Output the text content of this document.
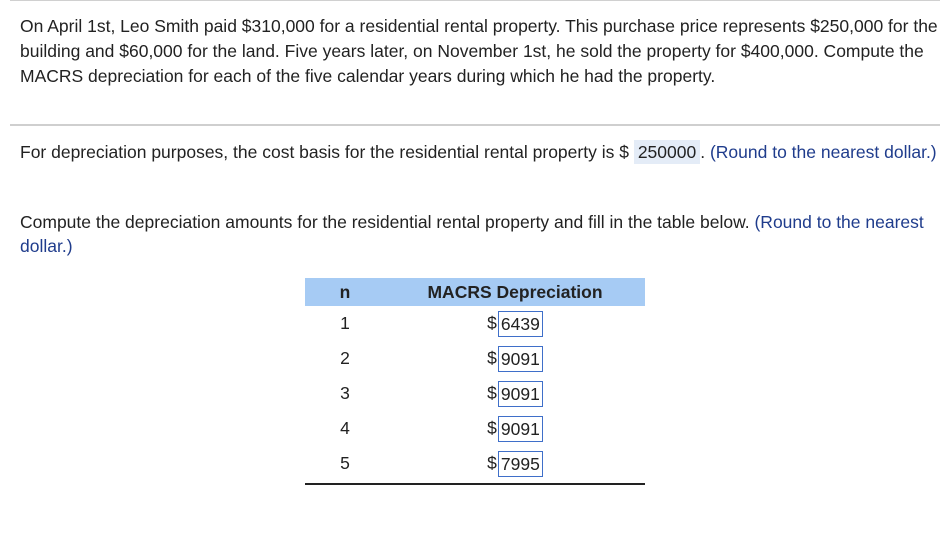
On April 1st, Leo Smith paid $310,000 for a residential rental property. This purchase price represents $250,000 for the building and $60,000 for the land. Five years later, on November 1st, he sold the property for $400,000. Compute the MACRS depreciation for each of the five calendar years during which he had the property.

For depreciation purposes, the cost basis for the residential rental property is $ 250000 . (Round to the nearest dollar.)

Compute the depreciation amounts for the residential rental property and fill in the table below. (Round to the nearest dollar.)

n	MACRS Depreciation
1	$ 6439
2	$ 9091
3	$ 9091
4	$ 9091
5	$ 7995
